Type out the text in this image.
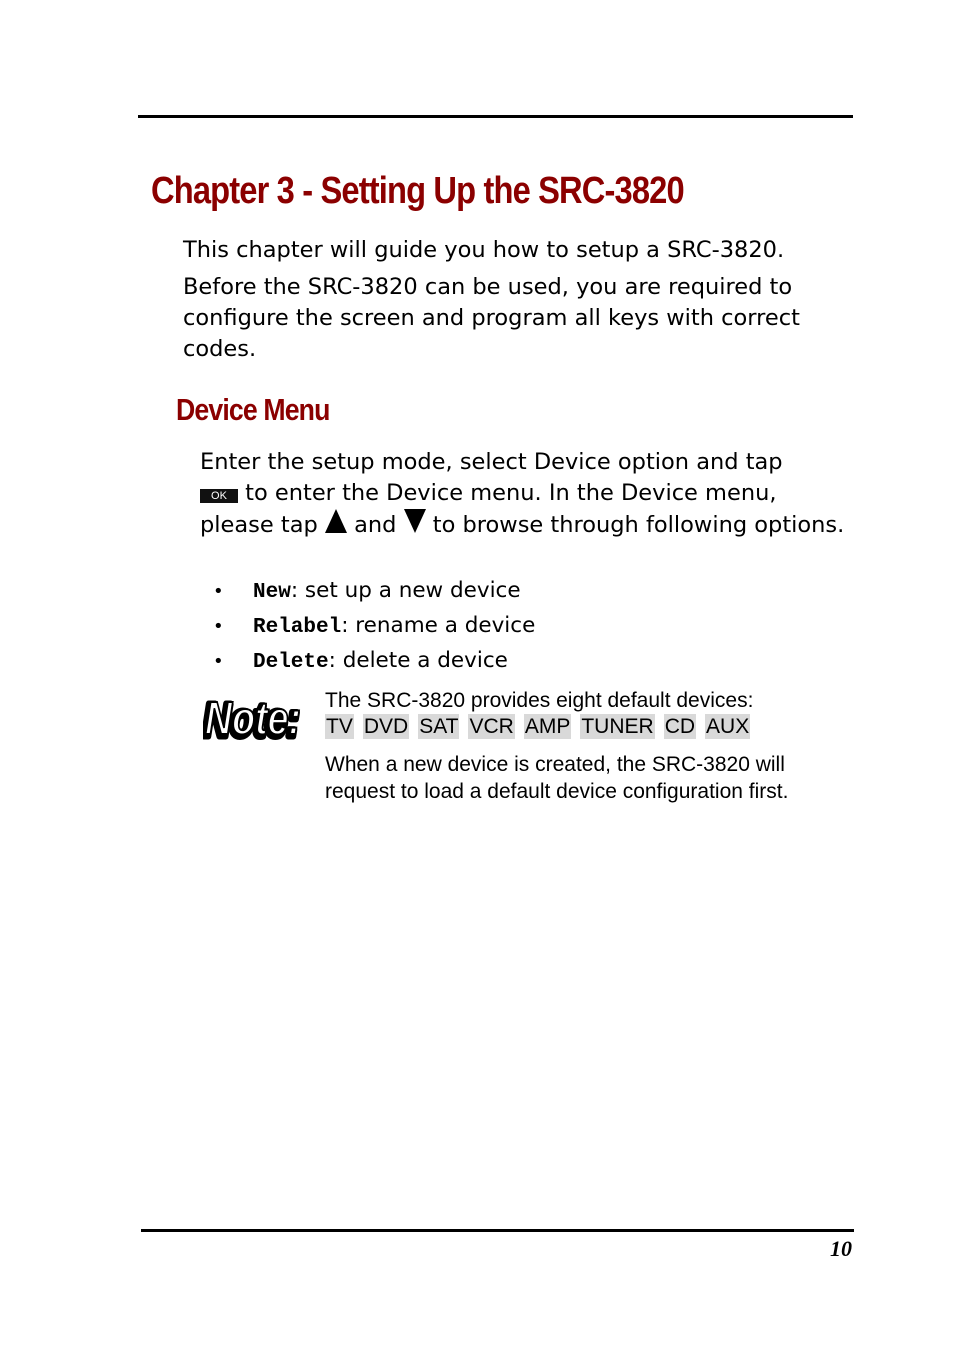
Chapter 3 - Setting Up the SRC-3820

This chapter will guide you how to setup a SRC-3820.

Before the SRC-3820 can be used, you are required to configure the screen and program all keys with correct codes.

Device Menu

Enter the setup mode, select Device option and tap
OK to enter the Device menu. In the Device menu, please tap and to browse through following options.

• New: set up a new device
• Relabel: rename a device
• Delete: delete a device
Note:
Note: The SRC-3820 provides eight default devices:

TV DVD SAT VCR AMP TUNER CD AUX

When a new device is created, the SRC-3820 will request to load a default device configuration first.

10
